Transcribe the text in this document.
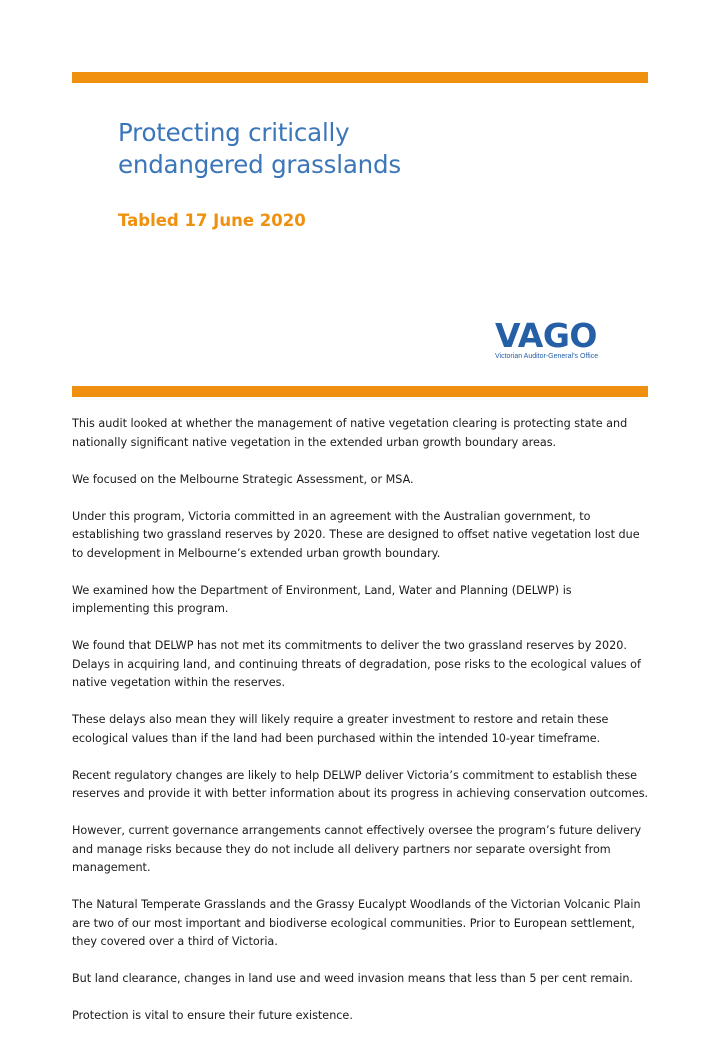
Protecting critically
endangered grasslands
Tabled 17 June 2020
VAGO
Victorian Auditor-General’s Office

This audit looked at whether the management of native vegetation clearing is protecting state and nationally significant native vegetation in the extended urban growth boundary areas.

We focused on the Melbourne Strategic Assessment, or MSA.

Under this program, Victoria committed in an agreement with the Australian government, to establishing two grassland reserves by 2020. These are designed to offset native vegetation lost due to development in Melbourne’s extended urban growth boundary.

We examined how the Department of Environment, Land, Water and Planning (DELWP) is implementing this program.

We found that DELWP has not met its commitments to deliver the two grassland reserves by 2020. Delays in acquiring land, and continuing threats of degradation, pose risks to the ecological values of native vegetation within the reserves.

These delays also mean they will likely require a greater investment to restore and retain these ecological values than if the land had been purchased within the intended 10-year timeframe.

Recent regulatory changes are likely to help DELWP deliver Victoria’s commitment to establish these reserves and provide it with better information about its progress in achieving conservation outcomes.

However, current governance arrangements cannot effectively oversee the program’s future delivery and manage risks because they do not include all delivery partners nor separate oversight from management.

The Natural Temperate Grasslands and the Grassy Eucalypt Woodlands of the Victorian Volcanic Plain are two of our most important and biodiverse ecological communities. Prior to European settlement, they covered over a third of Victoria.

But land clearance, changes in land use and weed invasion means that less than 5 per cent remain.

Protection is vital to ensure their future existence.
